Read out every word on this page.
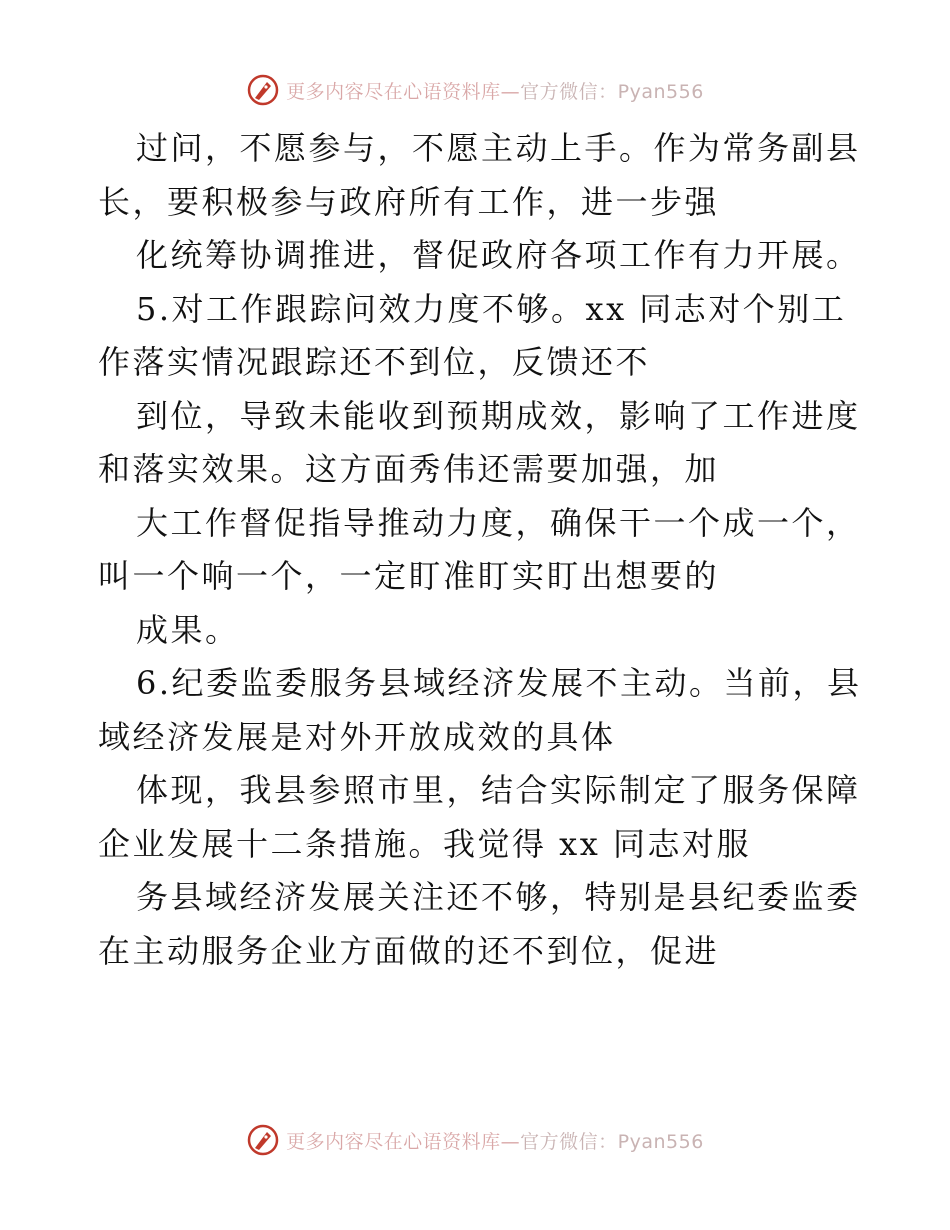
更多内容尽在心语资料库—官方微信：Pyan556
过问，不愿参与，不愿主动上手。作为常务副县
长，要积极参与政府所有工作，进一步强
化统筹协调推进，督促政府各项工作有力开展。
5.对工作跟踪问效力度不够。xx 同志对个别工
作落实情况跟踪还不到位，反馈还不
到位，导致未能收到预期成效，影响了工作进度
和落实效果。这方面秀伟还需要加强，加
大工作督促指导推动力度，确保干一个成一个，
叫一个响一个，一定盯准盯实盯出想要的
成果。
6.纪委监委服务县域经济发展不主动。当前，县
域经济发展是对外开放成效的具体
体现，我县参照市里，结合实际制定了服务保障
企业发展十二条措施。我觉得 xx 同志对服
务县域经济发展关注还不够，特别是县纪委监委
在主动服务企业方面做的还不到位，促进
更多内容尽在心语资料库—官方微信：Pyan556
